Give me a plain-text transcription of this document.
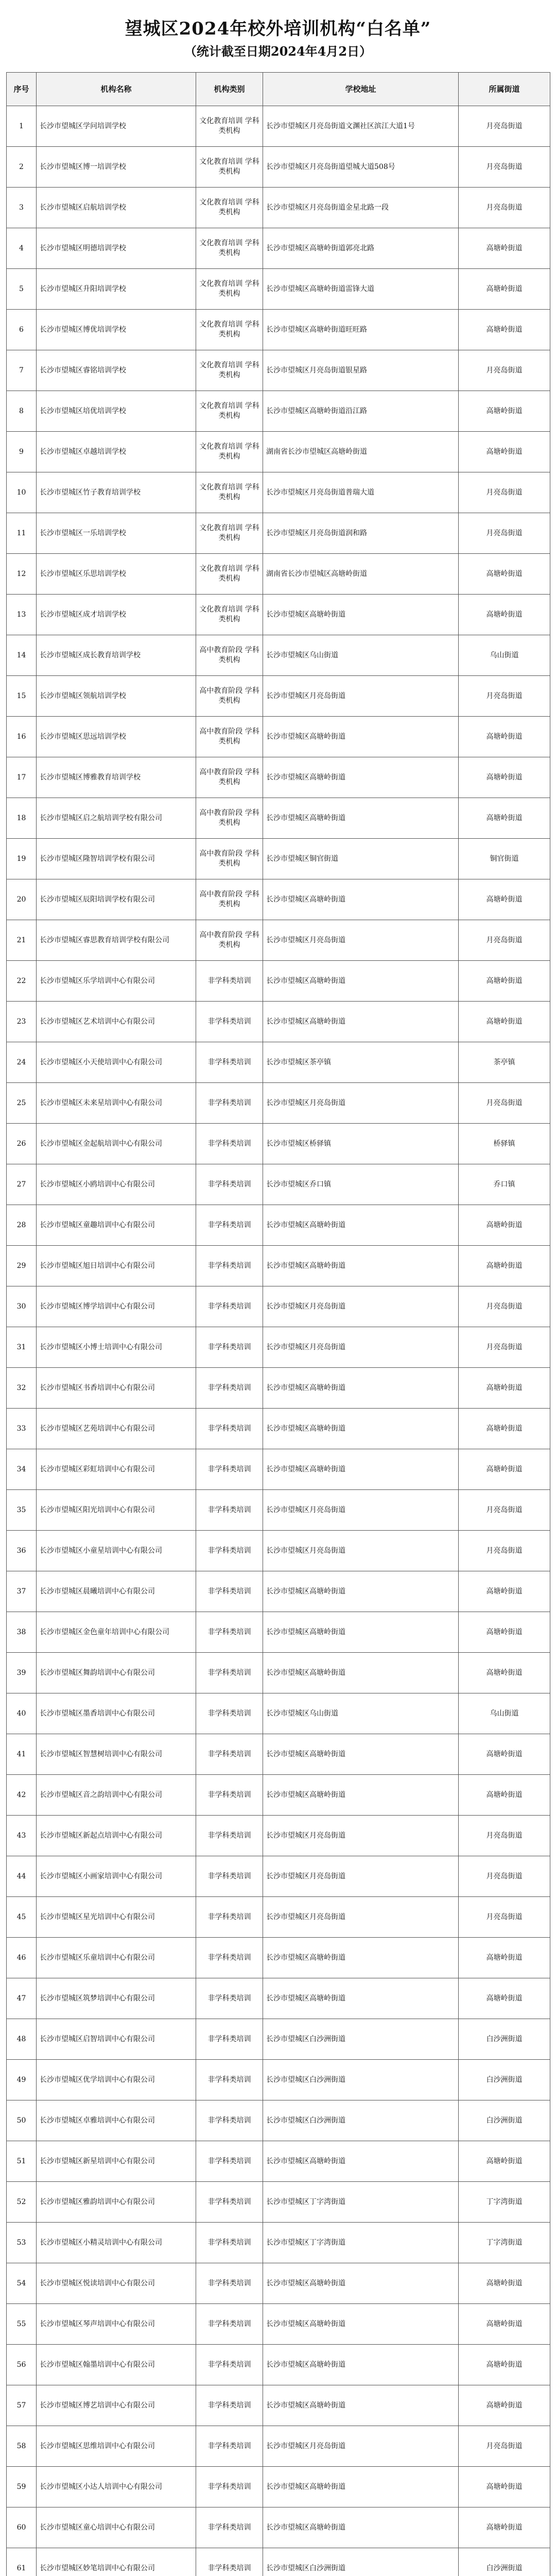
望城区2024年校外培训机构“白名单”
（统计截至日期2024年4月2日）
序号	机构名称	机构类别	学校地址	所属街道
1	长沙市望城区学问培训学校	文化教育培训 学科类机构	长沙市望城区月亮岛街道文渊社区滨江大道1号	月亮岛街道
2	长沙市望城区博一培训学校	文化教育培训 学科类机构	长沙市望城区月亮岛街道望城大道508号	月亮岛街道
3	长沙市望城区启航培训学校	文化教育培训 学科类机构	长沙市望城区月亮岛街道金星北路一段	月亮岛街道
4	长沙市望城区明德培训学校	文化教育培训 学科类机构	长沙市望城区高塘岭街道郭亮北路	高塘岭街道
5	长沙市望城区升阳培训学校	文化教育培训 学科类机构	长沙市望城区高塘岭街道雷锋大道	高塘岭街道
6	长沙市望城区博优培训学校	文化教育培训 学科类机构	长沙市望城区高塘岭街道旺旺路	高塘岭街道
7	长沙市望城区睿铭培训学校	文化教育培训 学科类机构	长沙市望城区月亮岛街道银星路	月亮岛街道
8	长沙市望城区培优培训学校	文化教育培训 学科类机构	长沙市望城区高塘岭街道沿江路	高塘岭街道
9	长沙市望城区卓越培训学校	文化教育培训 学科类机构	湖南省长沙市望城区高塘岭街道	高塘岭街道
10	长沙市望城区竹子教育培训学校	文化教育培训 学科类机构	长沙市望城区月亮岛街道普瑞大道	月亮岛街道
11	长沙市望城区一乐培训学校	文化教育培训 学科类机构	长沙市望城区月亮岛街道润和路	月亮岛街道
12	长沙市望城区乐思培训学校	文化教育培训 学科类机构	湖南省长沙市望城区高塘岭街道	高塘岭街道
13	长沙市望城区成才培训学校	文化教育培训 学科类机构	长沙市望城区高塘岭街道	高塘岭街道
14	长沙市望城区成长教育培训学校	高中教育阶段 学科类机构	长沙市望城区乌山街道	乌山街道
15	长沙市望城区领航培训学校	高中教育阶段 学科类机构	长沙市望城区月亮岛街道	月亮岛街道
16	长沙市望城区思远培训学校	高中教育阶段 学科类机构	长沙市望城区高塘岭街道	高塘岭街道
17	长沙市望城区博雅教育培训学校	高中教育阶段 学科类机构	长沙市望城区高塘岭街道	高塘岭街道
18	长沙市望城区启之航培训学校有限公司	高中教育阶段 学科类机构	长沙市望城区高塘岭街道	高塘岭街道
19	长沙市望城区隆智培训学校有限公司	高中教育阶段 学科类机构	长沙市望城区铜官街道	铜官街道
20	长沙市望城区辰阳培训学校有限公司	高中教育阶段 学科类机构	长沙市望城区高塘岭街道	高塘岭街道
21	长沙市望城区睿思教育培训学校有限公司	高中教育阶段 学科类机构	长沙市望城区月亮岛街道	月亮岛街道
22	长沙市望城区乐学培训中心有限公司	非学科类培训	长沙市望城区高塘岭街道	高塘岭街道
23	长沙市望城区艺术培训中心有限公司	非学科类培训	长沙市望城区高塘岭街道	高塘岭街道
24	长沙市望城区小天使培训中心有限公司	非学科类培训	长沙市望城区茶亭镇	茶亭镇
25	长沙市望城区未来星培训中心有限公司	非学科类培训	长沙市望城区月亮岛街道	月亮岛街道
26	长沙市望城区金起航培训中心有限公司	非学科类培训	长沙市望城区桥驿镇	桥驿镇
27	长沙市望城区小鸥培训中心有限公司	非学科类培训	长沙市望城区乔口镇	乔口镇
28	长沙市望城区童趣培训中心有限公司	非学科类培训	长沙市望城区高塘岭街道	高塘岭街道
29	长沙市望城区旭日培训中心有限公司	非学科类培训	长沙市望城区高塘岭街道	高塘岭街道
30	长沙市望城区博学培训中心有限公司	非学科类培训	长沙市望城区月亮岛街道	月亮岛街道
31	长沙市望城区小博士培训中心有限公司	非学科类培训	长沙市望城区月亮岛街道	月亮岛街道
32	长沙市望城区书香培训中心有限公司	非学科类培训	长沙市望城区高塘岭街道	高塘岭街道
33	长沙市望城区艺苑培训中心有限公司	非学科类培训	长沙市望城区高塘岭街道	高塘岭街道
34	长沙市望城区彩虹培训中心有限公司	非学科类培训	长沙市望城区高塘岭街道	高塘岭街道
35	长沙市望城区阳光培训中心有限公司	非学科类培训	长沙市望城区月亮岛街道	月亮岛街道
36	长沙市望城区小童星培训中心有限公司	非学科类培训	长沙市望城区月亮岛街道	月亮岛街道
37	长沙市望城区晨曦培训中心有限公司	非学科类培训	长沙市望城区高塘岭街道	高塘岭街道
38	长沙市望城区金色童年培训中心有限公司	非学科类培训	长沙市望城区高塘岭街道	高塘岭街道
39	长沙市望城区舞韵培训中心有限公司	非学科类培训	长沙市望城区高塘岭街道	高塘岭街道
40	长沙市望城区墨香培训中心有限公司	非学科类培训	长沙市望城区乌山街道	乌山街道
41	长沙市望城区智慧树培训中心有限公司	非学科类培训	长沙市望城区高塘岭街道	高塘岭街道
42	长沙市望城区音之韵培训中心有限公司	非学科类培训	长沙市望城区高塘岭街道	高塘岭街道
43	长沙市望城区新起点培训中心有限公司	非学科类培训	长沙市望城区月亮岛街道	月亮岛街道
44	长沙市望城区小画家培训中心有限公司	非学科类培训	长沙市望城区月亮岛街道	月亮岛街道
45	长沙市望城区星光培训中心有限公司	非学科类培训	长沙市望城区月亮岛街道	月亮岛街道
46	长沙市望城区乐童培训中心有限公司	非学科类培训	长沙市望城区高塘岭街道	高塘岭街道
47	长沙市望城区筑梦培训中心有限公司	非学科类培训	长沙市望城区高塘岭街道	高塘岭街道
48	长沙市望城区启智培训中心有限公司	非学科类培训	长沙市望城区白沙洲街道	白沙洲街道
49	长沙市望城区优学培训中心有限公司	非学科类培训	长沙市望城区白沙洲街道	白沙洲街道
50	长沙市望城区卓雅培训中心有限公司	非学科类培训	长沙市望城区白沙洲街道	白沙洲街道
51	长沙市望城区新星培训中心有限公司	非学科类培训	长沙市望城区高塘岭街道	高塘岭街道
52	长沙市望城区雅韵培训中心有限公司	非学科类培训	长沙市望城区丁字湾街道	丁字湾街道
53	长沙市望城区小精灵培训中心有限公司	非学科类培训	长沙市望城区丁字湾街道	丁字湾街道
54	长沙市望城区悦读培训中心有限公司	非学科类培训	长沙市望城区高塘岭街道	高塘岭街道
55	长沙市望城区琴声培训中心有限公司	非学科类培训	长沙市望城区高塘岭街道	高塘岭街道
56	长沙市望城区翰墨培训中心有限公司	非学科类培训	长沙市望城区高塘岭街道	高塘岭街道
57	长沙市望城区博艺培训中心有限公司	非学科类培训	长沙市望城区高塘岭街道	高塘岭街道
58	长沙市望城区思维培训中心有限公司	非学科类培训	长沙市望城区月亮岛街道	月亮岛街道
59	长沙市望城区小达人培训中心有限公司	非学科类培训	长沙市望城区高塘岭街道	高塘岭街道
60	长沙市望城区童心培训中心有限公司	非学科类培训	长沙市望城区高塘岭街道	高塘岭街道
61	长沙市望城区妙笔培训中心有限公司	非学科类培训	长沙市望城区白沙洲街道	白沙洲街道
